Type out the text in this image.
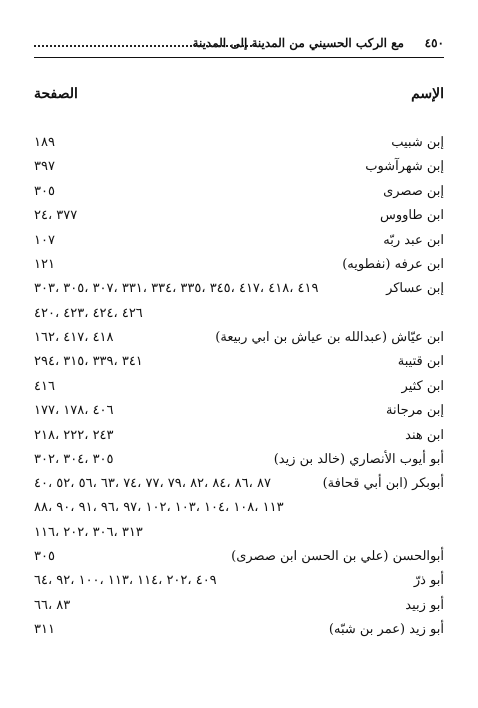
٤٥٠
مع الركب الحسيني من المدينة إلى المدينة
الإسم
الصفحة
إبن شبيب
١٨٩
إبن شهرآشوب
٣٩٧
إبن صصرى
٣٠٥
ابن طاووس
٣٧٧ ،٢٤
ابن عبد ربّه
١٠٧
ابن عرفه (نفطويه)
١٢١
إبن عساكر
٤١٩ ،٤١٨ ،٤١٧ ،٣٤٥ ،٣٣٥ ،٣٣٤ ،٣٣١ ،٣٠٧ ،٣٠٥ ،٣٠٣
٤٢٦ ،٤٢٤ ،٤٢٣ ،٤٢٠
ابن عيّاش (عبدالله بن عياش بن ابي ربيعة)
٤١٨ ،٤١٧ ،١٦٢
ابن قتيبة
٣٤١ ،٣٣٩ ،٣١٥ ،٢٩٤
ابن كثير
٤١٦
إبن مرجانة
٤٠٦ ،١٧٨ ،١٧٧
ابن هند
٢٤٣ ،٢٢٢ ،٢١٨
أبو أيوب الأنصاري (خالد بن زيد)
٣٠٥ ،٣٠٤ ،٣٠٢
أبوبكر (ابن أبي قحافة)
٨٧ ،٨٦ ،٨٤ ،٨٢ ،٧٩ ،٧٧ ،٧٤ ،٦٣ ،٥٦ ،٥٢ ،٤٠
١١٣ ،١٠٨ ،١٠٤ ،١٠٣ ،١٠٢ ،٩٧ ،٩٦ ،٩١ ،٩٠ ،٨٨
٣١٣ ،٣٠٦ ،٢٠٢ ،١١٦
أبوالحسن (علي بن الحسن ابن صصرى)
٣٠٥
أبو ذرّ
٤٠٩ ،٢٠٢ ،١١٤ ،١١٣ ،١٠٠ ،٩٢ ،٦٤
أبو زبيد
٨٣ ،٦٦
أبو زيد (عمر بن شبّه)
٣١١
